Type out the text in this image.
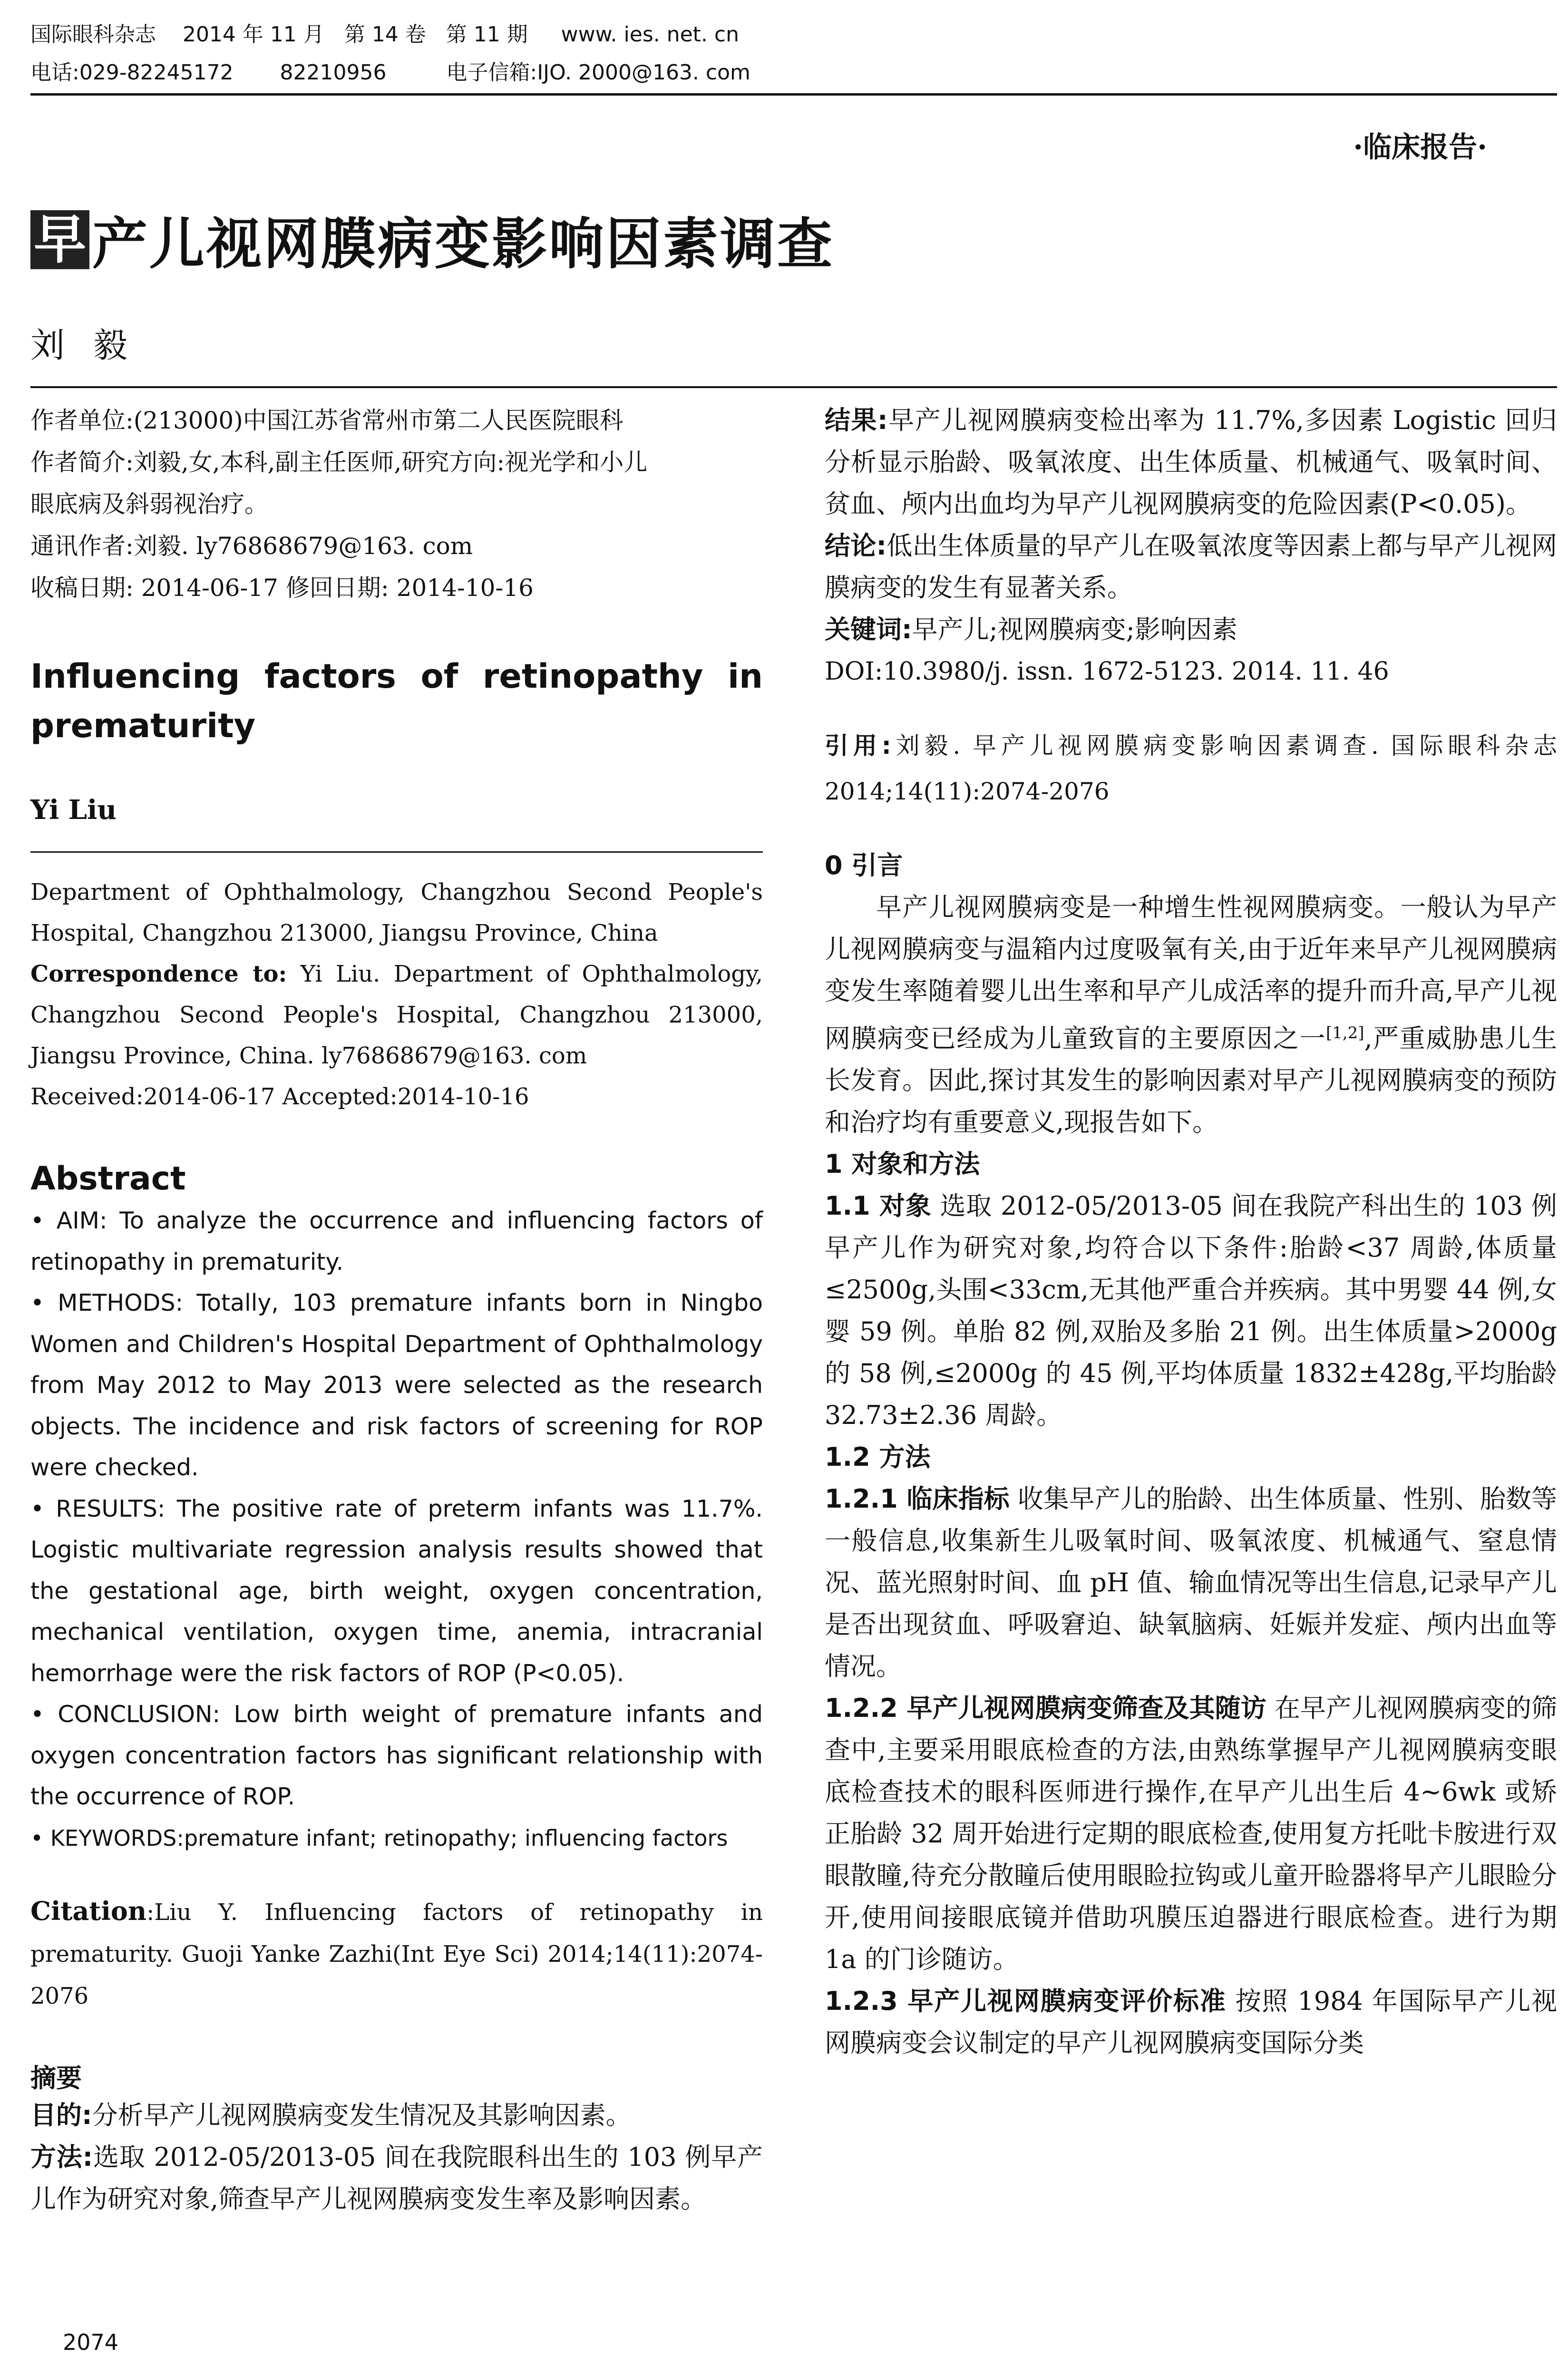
国际眼科杂志    2014 年 11 月   第 14 卷   第 11 期     www. ies. net. cn
电话:029-82245172       82210956         电子信箱:IJO. 2000@163. com
·临床报告·
早 产儿视网膜病变影响因素调查
刘毅

作者单位:(213000)中国江苏省常州市第二人民医院眼科

作者简介:刘毅,女,本科,副主任医师,研究方向:视光学和小儿

眼底病及斜弱视治疗。

通讯作者:刘毅. ly76868679@163. com

收稿日期: 2014-06-17 修回日期: 2014-10-16

Influencing factors of retinopathy in prematurity
Yi Liu

Department of Ophthalmology, Changzhou Second People's Hospital, Changzhou 213000, Jiangsu Province, China

Correspondence to: Yi Liu. Department of Ophthalmology, Changzhou Second People's Hospital, Changzhou 213000, Jiangsu Province, China. ly76868679@163. com

Received:2014-06-17 Accepted:2014-10-16

Abstract

• AIM: To analyze the occurrence and influencing factors of retinopathy in prematurity.

• METHODS: Totally, 103 premature infants born in Ningbo Women and Children's Hospital Department of Ophthalmology from May 2012 to May 2013 were selected as the research objects. The incidence and risk factors of screening for ROP were checked.

• RESULTS: The positive rate of preterm infants was 11.7%. Logistic multivariate regression analysis results showed that the gestational age, birth weight, oxygen concentration, mechanical ventilation, oxygen time, anemia, intracranial hemorrhage were the risk factors of ROP (P<0.05).

• CONCLUSION: Low birth weight of premature infants and oxygen concentration factors has significant relationship with the occurrence of ROP.

• KEYWORDS:premature infant; retinopathy; influencing factors

Citation:Liu Y. Influencing factors of retinopathy in prematurity. Guoji Yanke Zazhi(Int Eye Sci) 2014;14(11):2074-2076
摘要

目的:分析早产儿视网膜病变发生情况及其影响因素。

方法:选取 2012-05/2013-05 间在我院眼科出生的 103 例早产儿作为研究对象,筛查早产儿视网膜病变发生率及影响因素。

结果:早产儿视网膜病变检出率为 11.7%,多因素 Logistic 回归分析显示胎龄、吸氧浓度、出生体质量、机械通气、吸氧时间、贫血、颅内出血均为早产儿视网膜病变的危险因素(P<0.05)。

结论:低出生体质量的早产儿在吸氧浓度等因素上都与早产儿视网膜病变的发生有显著关系。

关键词:早产儿;视网膜病变;影响因素

DOI:10.3980/j. issn. 1672-5123. 2014. 11. 46

引用:刘毅. 早产儿视网膜病变影响因素调查. 国际眼科杂志 2014;14(11):2074-2076

0 引言

早产儿视网膜病变是一种增生性视网膜病变。一般认为早产儿视网膜病变与温箱内过度吸氧有关,由于近年来早产儿视网膜病变发生率随着婴儿出生率和早产儿成活率的提升而升高,早产儿视网膜病变已经成为儿童致盲的主要原因之一[1,2],严重威胁患儿生长发育。因此,探讨其发生的影响因素对早产儿视网膜病变的预防和治疗均有重要意义,现报告如下。

1 对象和方法

1.1 对象 选取 2012-05/2013-05 间在我院产科出生的 103 例早产儿作为研究对象,均符合以下条件:胎龄<37 周龄,体质量≤2500g,头围<33cm,无其他严重合并疾病。其中男婴 44 例,女婴 59 例。单胎 82 例,双胎及多胎 21 例。出生体质量>2000g 的 58 例,≤2000g 的 45 例,平均体质量 1832±428g,平均胎龄 32.73±2.36 周龄。

1.2 方法

1.2.1 临床指标 收集早产儿的胎龄、出生体质量、性别、胎数等一般信息,收集新生儿吸氧时间、吸氧浓度、机械通气、窒息情况、蓝光照射时间、血 pH 值、输血情况等出生信息,记录早产儿是否出现贫血、呼吸窘迫、缺氧脑病、妊娠并发症、颅内出血等情况。

1.2.2 早产儿视网膜病变筛查及其随访 在早产儿视网膜病变的筛查中,主要采用眼底检查的方法,由熟练掌握早产儿视网膜病变眼底检查技术的眼科医师进行操作,在早产儿出生后 4~6wk 或矫正胎龄 32 周开始进行定期的眼底检查,使用复方托吡卡胺进行双眼散瞳,待充分散瞳后使用眼睑拉钩或儿童开睑器将早产儿眼睑分开,使用间接眼底镜并借助巩膜压迫器进行眼底检查。进行为期 1a 的门诊随访。

1.2.3 早产儿视网膜病变评价标准 按照 1984 年国际早产儿视网膜病变会议制定的早产儿视网膜病变国际分类

2074
